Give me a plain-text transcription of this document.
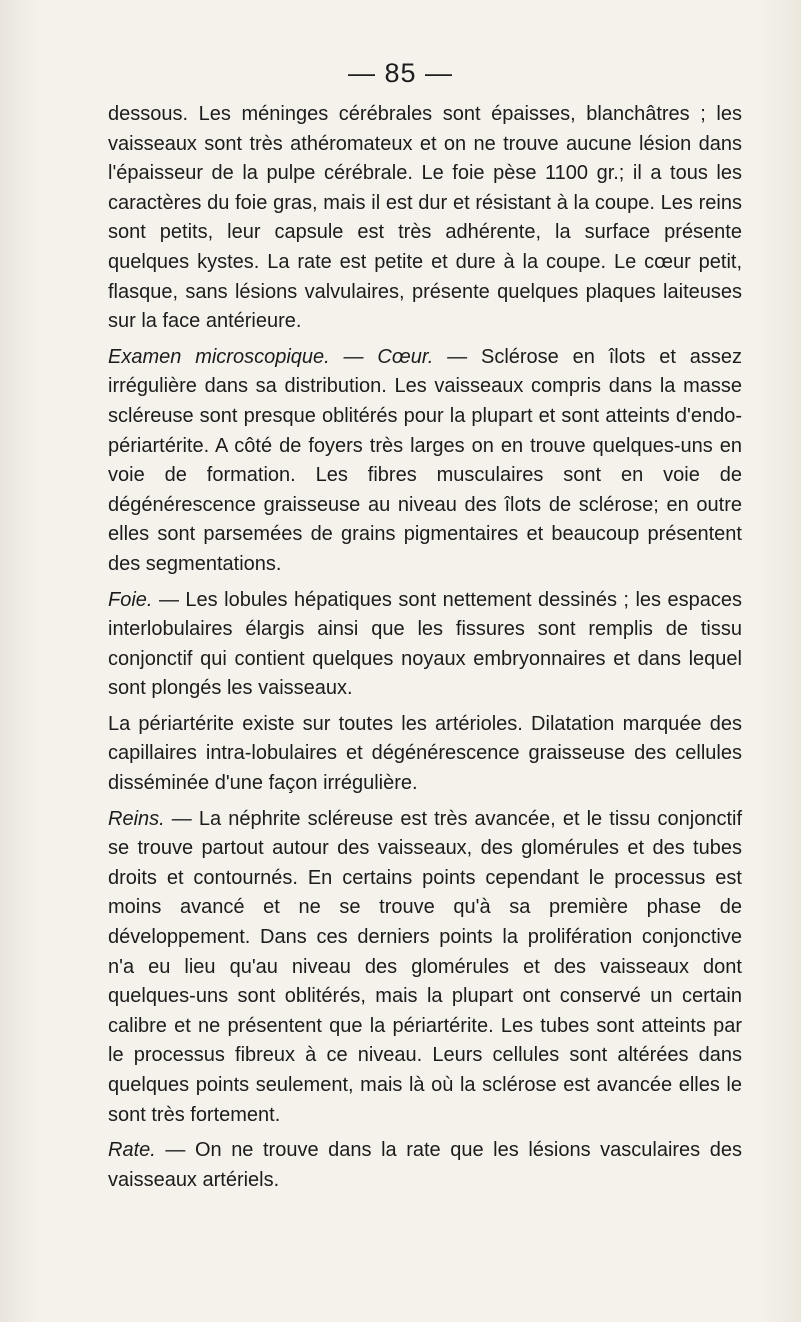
— 85 —

dessous. Les méninges cérébrales sont épaisses, blanchâtres ; les vaisseaux sont très athéromateux et on ne trouve aucune lésion dans l'épaisseur de la pulpe cérébrale. Le foie pèse 1100 gr.; il a tous les caractères du foie gras, mais il est dur et résistant à la coupe. Les reins sont petits, leur capsule est très adhérente, la surface présente quelques kystes. La rate est petite et dure à la coupe. Le cœur petit, flasque, sans lésions valvulaires, présente quelques plaques laiteuses sur la face antérieure.

Examen microscopique. — Cœur. — Sclérose en îlots et assez irrégulière dans sa distribution. Les vaisseaux compris dans la masse scléreuse sont presque oblitérés pour la plupart et sont atteints d'endo-périartérite. A côté de foyers très larges on en trouve quelques-uns en voie de formation. Les fibres musculaires sont en voie de dégénérescence graisseuse au niveau des îlots de sclérose; en outre elles sont parsemées de grains pigmentaires et beaucoup présentent des segmentations.

Foie. — Les lobules hépatiques sont nettement dessinés ; les espaces interlobulaires élargis ainsi que les fissures sont remplis de tissu conjonctif qui contient quelques noyaux embryonnaires et dans lequel sont plongés les vaisseaux.

La périartérite existe sur toutes les artérioles. Dilatation marquée des capillaires intra-lobulaires et dégénérescence graisseuse des cellules disséminée d'une façon irrégulière.

Reins. — La néphrite scléreuse est très avancée, et le tissu conjonctif se trouve partout autour des vaisseaux, des glomérules et des tubes droits et contournés. En certains points cependant le processus est moins avancé et ne se trouve qu'à sa première phase de développement. Dans ces derniers points la prolifération conjonctive n'a eu lieu qu'au niveau des glomérules et des vaisseaux dont quelques-uns sont oblitérés, mais la plupart ont conservé un certain calibre et ne présentent que la périartérite. Les tubes sont atteints par le processus fibreux à ce niveau. Leurs cellules sont altérées dans quelques points seulement, mais là où la sclérose est avancée elles le sont très fortement.

Rate. — On ne trouve dans la rate que les lésions vasculaires des vaisseaux artériels.
